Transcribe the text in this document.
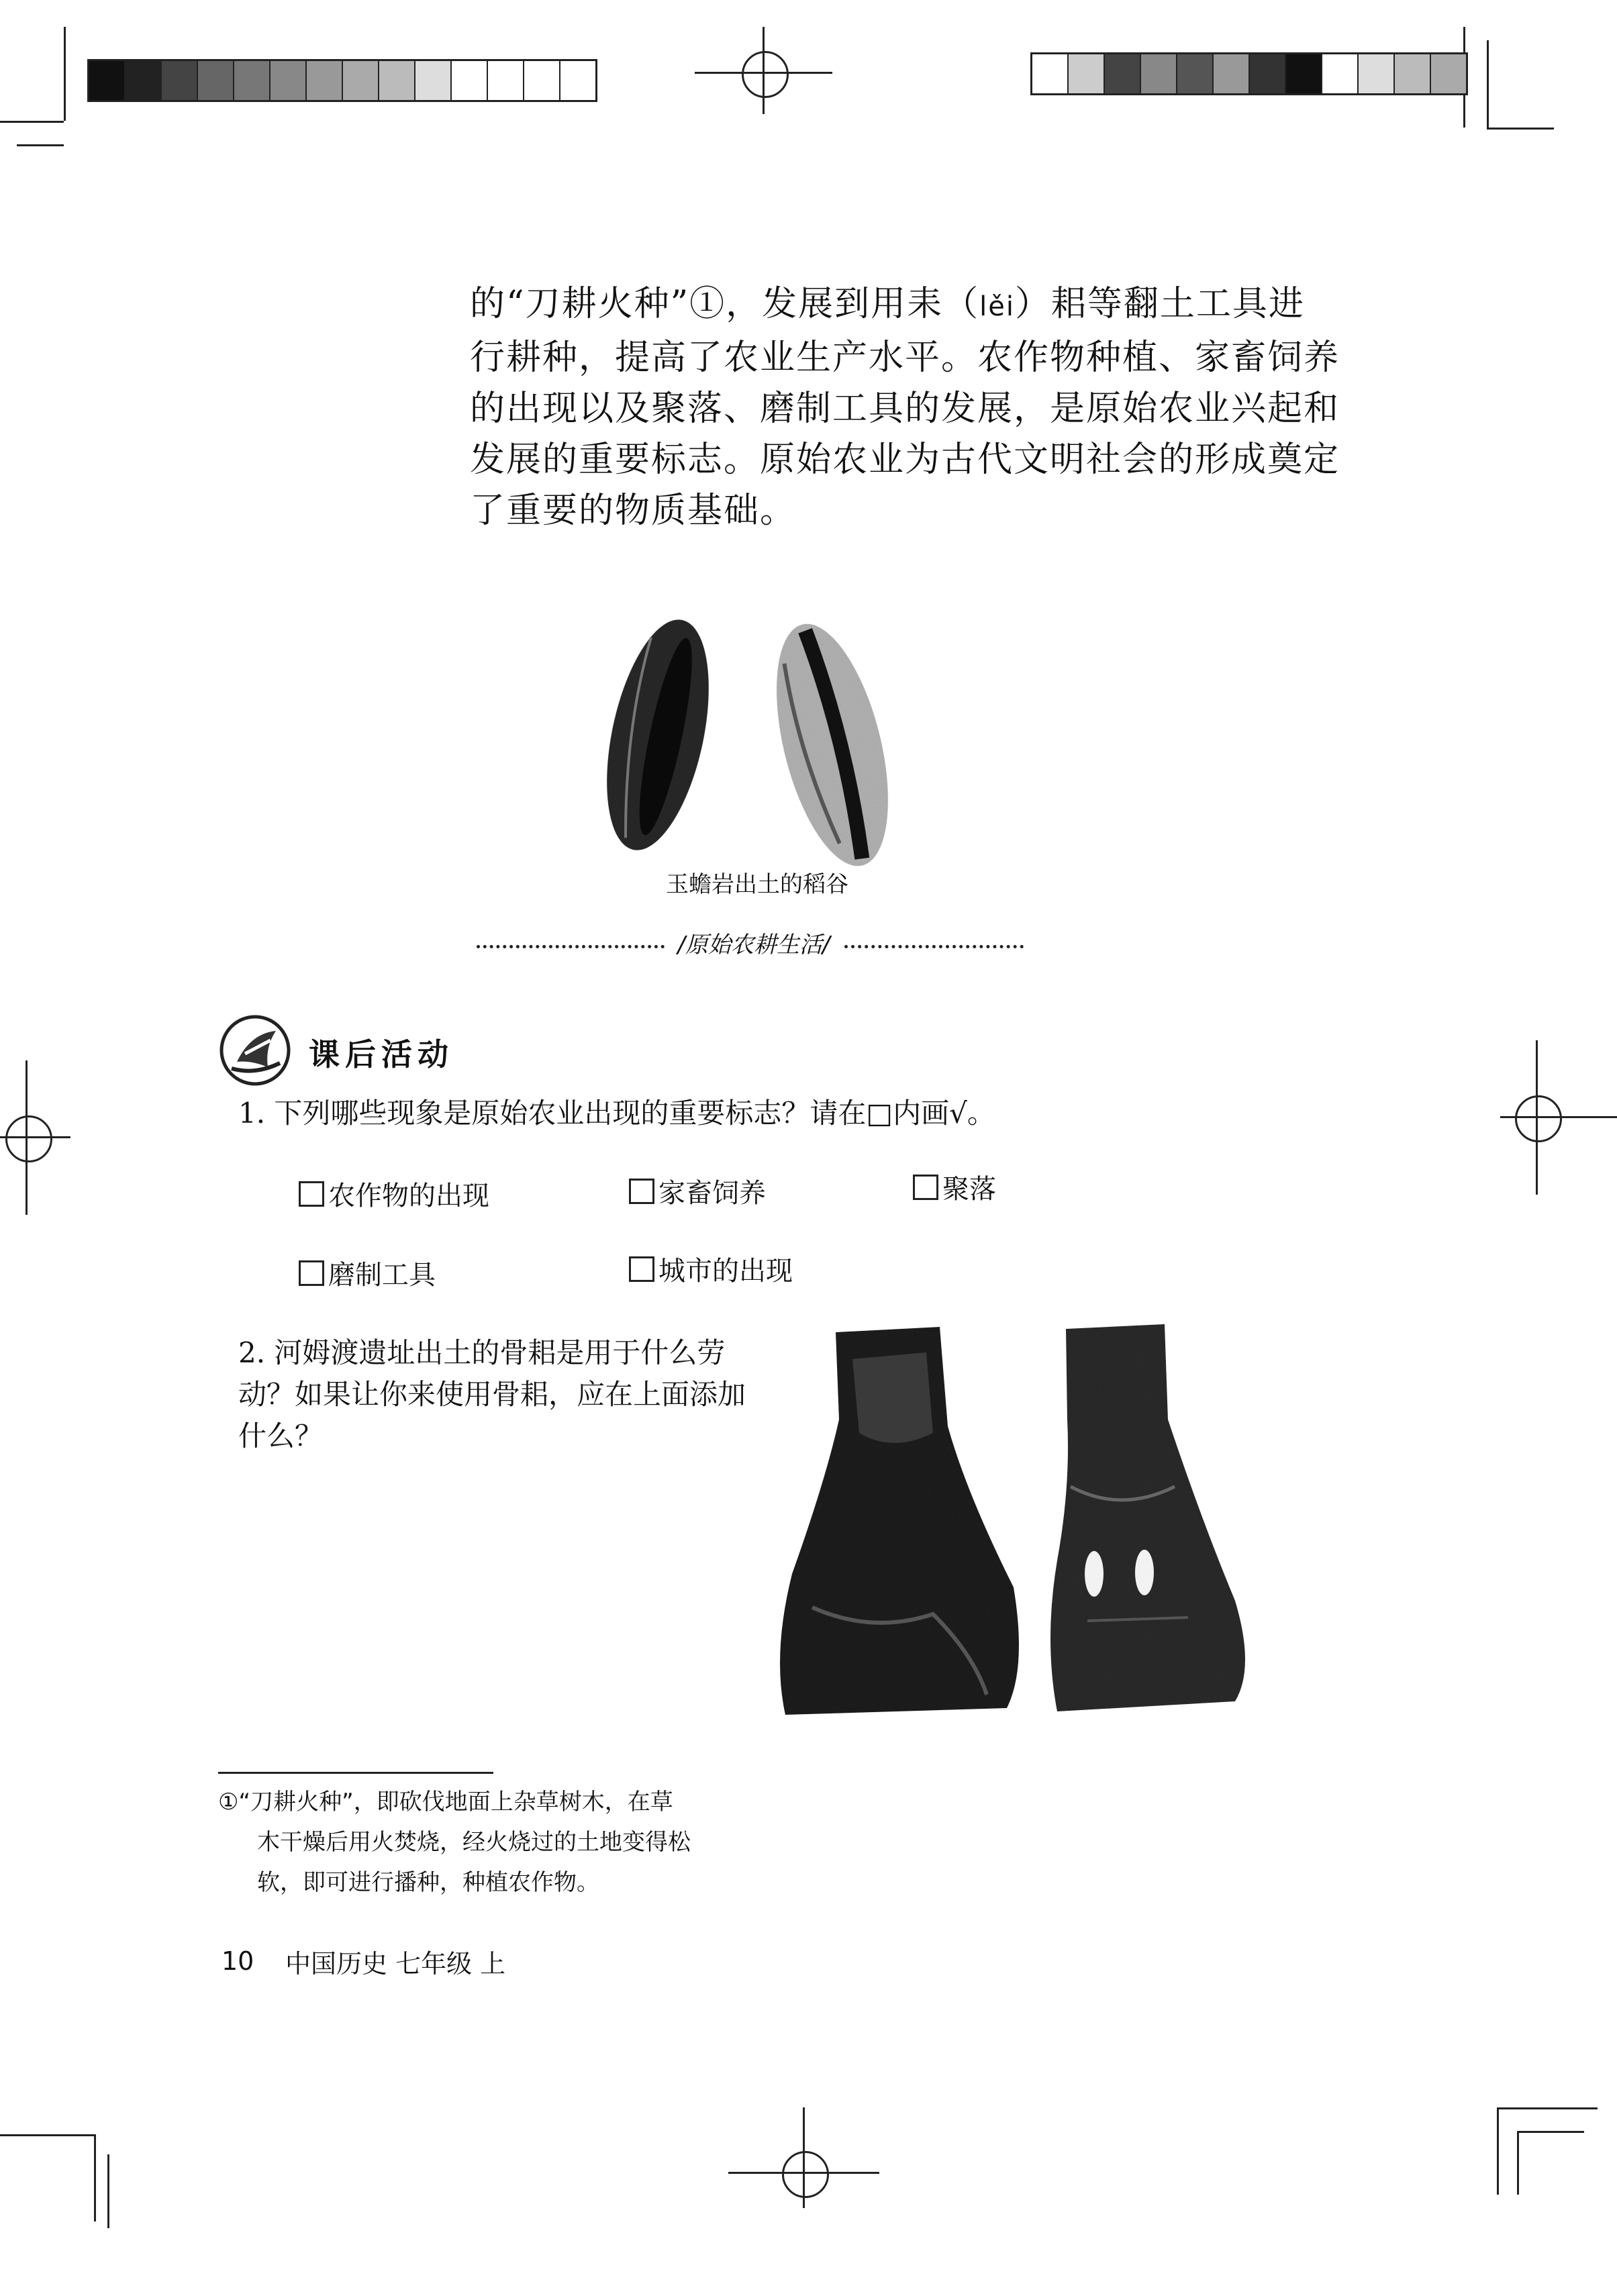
的“刀耕火种”①，发展到用耒（lěi）耜等翻土工具进

行耕种，提高了农业生产水平。农作物种植、家畜饲养

的出现以及聚落、磨制工具的发展，是原始农业兴起和

发展的重要标志。原始农业为古代文明社会的形成奠定

了重要的物质基础。

玉蟾岩出土的稻谷
/原始农耕生活/
课后活动
1. 下列哪些现象是原始农业出现的重要标志？请在□内画√。
农作物的出现	家畜饲养	聚落
磨制工具	城市的出现
2. 河姆渡遗址出土的骨耜是用于什么劳
动？如果让你来使用骨耜，应在上面添加
什么？
①“刀耕火种”，即砍伐地面上杂草树木，在草
木干燥后用火焚烧，经火烧过的土地变得松
软，即可进行播种，种植农作物。
10 中国历史 七年级 上
